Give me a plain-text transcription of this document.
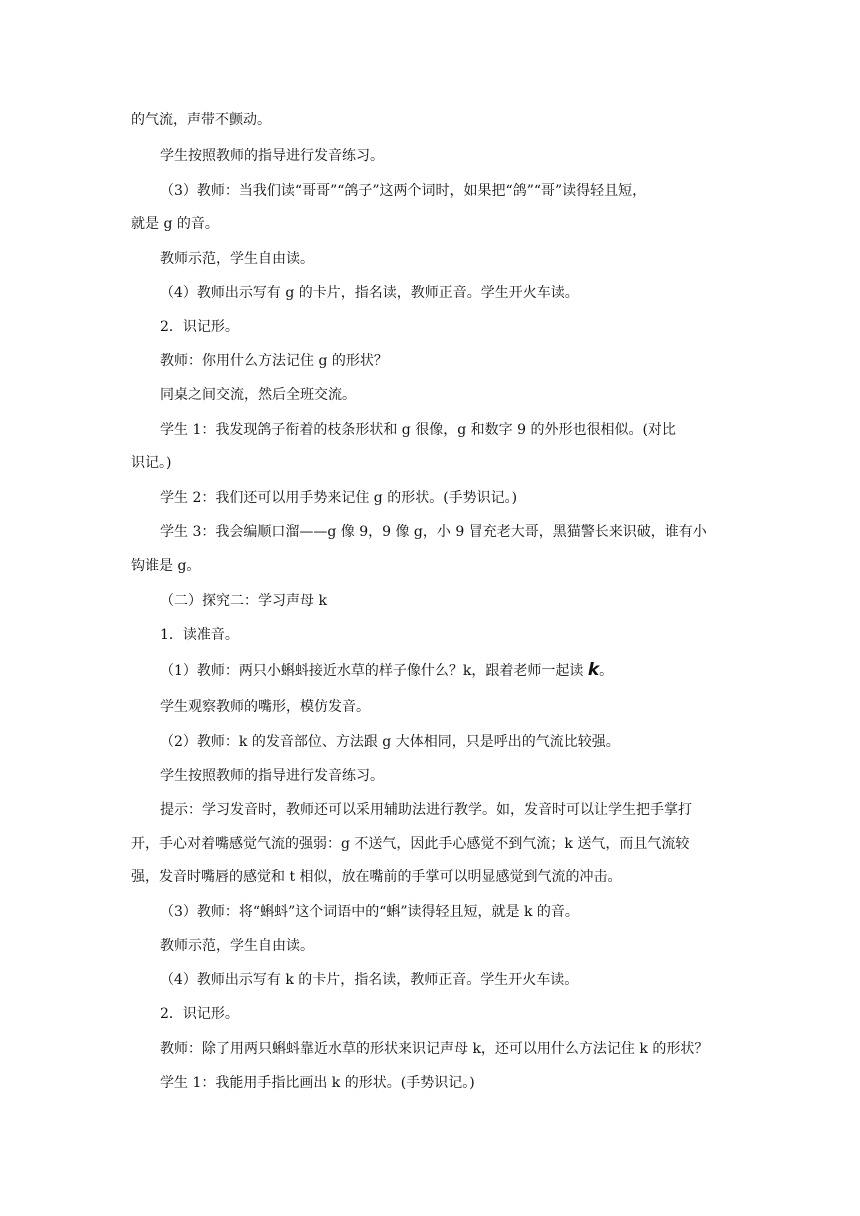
的气流，声带不颤动。
学生按照教师的指导进行发音练习。
（3）教师：当我们读“哥哥”“鸽子”这两个词时，如果把“鸽”“哥”读得轻且短，
就是 g 的音。
教师示范，学生自由读。
（4）教师出示写有 g 的卡片，指名读，教师正音。学生开火车读。
2．识记形。
教师：你用什么方法记住 g 的形状？
同桌之间交流，然后全班交流。
学生 1：我发现鸽子衔着的枝条形状和 g 很像，g 和数字 9 的外形也很相似。(对比
识记。)
学生 2：我们还可以用手势来记住 g 的形状。(手势识记。)
学生 3：我会编顺口溜——g 像 9，9 像 g，小 9 冒充老大哥，黑猫警长来识破，谁有小
钩谁是 g。
（二）探究二：学习声母 k
1．读准音。
（1）教师：两只小蝌蚪接近水草的样子像什么？k，跟着老师一起读 k。
学生观察教师的嘴形，模仿发音。
（2）教师：k 的发音部位、方法跟 g 大体相同，只是呼出的气流比较强。
学生按照教师的指导进行发音练习。
提示：学习发音时，教师还可以采用辅助法进行教学。如，发音时可以让学生把手掌打
开，手心对着嘴感觉气流的强弱：g 不送气，因此手心感觉不到气流；k 送气，而且气流较
强，发音时嘴唇的感觉和 t 相似，放在嘴前的手掌可以明显感觉到气流的冲击。
（3）教师：将“蝌蚪”这个词语中的“蝌”读得轻且短，就是 k 的音。
教师示范，学生自由读。
（4）教师出示写有 k 的卡片，指名读，教师正音。学生开火车读。
2．识记形。
教师：除了用两只蝌蚪靠近水草的形状来识记声母 k，还可以用什么方法记住 k 的形状？
学生 1：我能用手指比画出 k 的形状。(手势识记。)
